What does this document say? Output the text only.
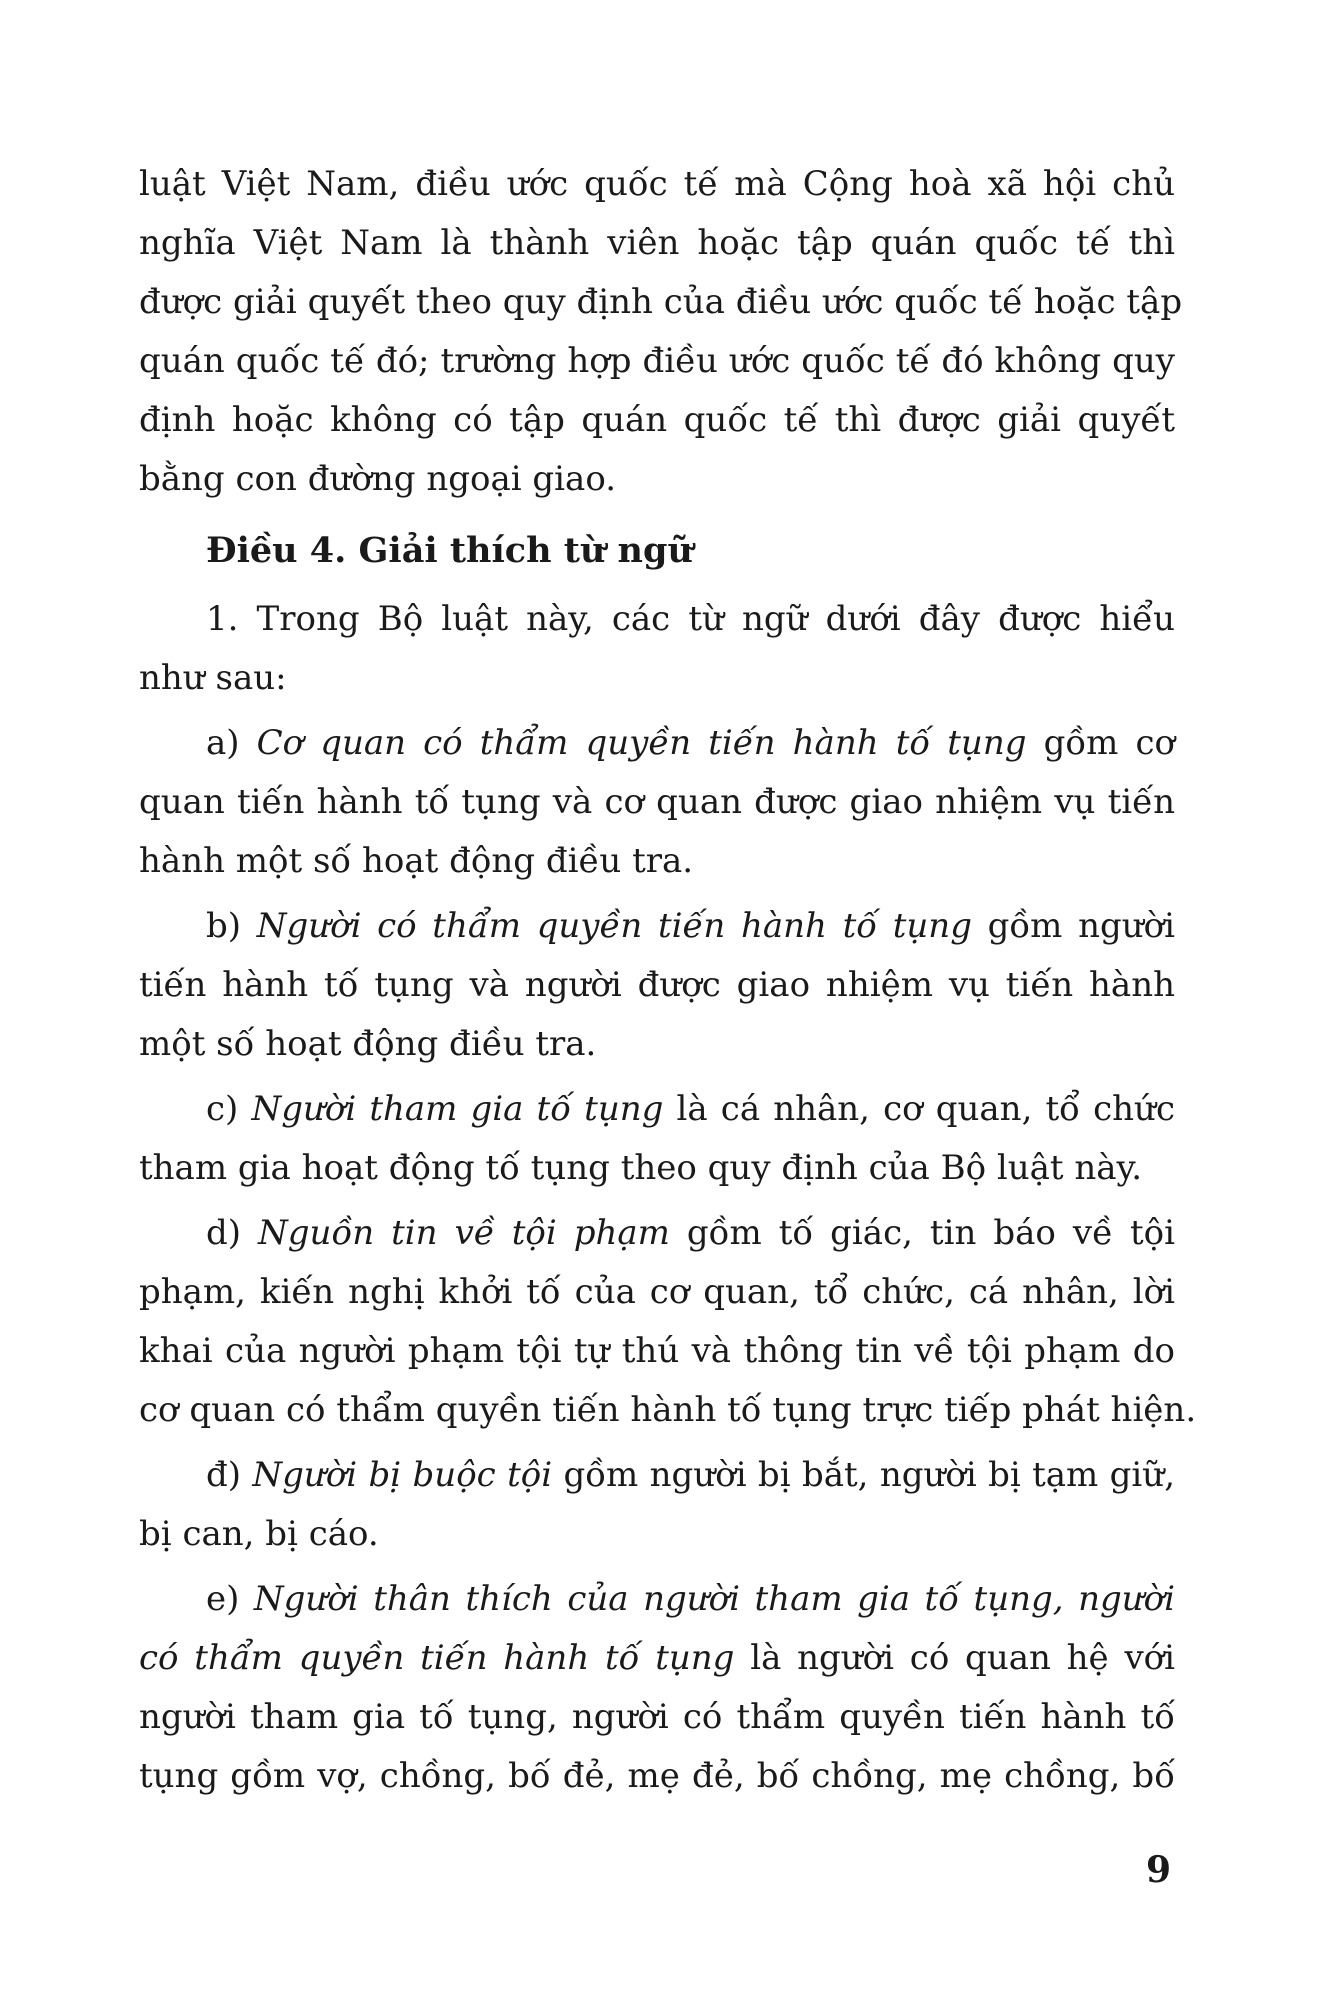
luật Việt Nam, điều ước quốc tế mà Cộng hoà xã hội chủ
nghĩa Việt Nam là thành viên hoặc tập quán quốc tế thì
được giải quyết theo quy định của điều ước quốc tế hoặc tập
quán quốc tế đó; trường hợp điều ước quốc tế đó không quy
định hoặc không có tập quán quốc tế thì được giải quyết
bằng con đường ngoại giao.
Điều 4. Giải thích từ ngữ
1. Trong Bộ luật này, các từ ngữ dưới đây được hiểu
như sau:
a) Cơ quan có thẩm quyền tiến hành tố tụng gồm cơ
quan tiến hành tố tụng và cơ quan được giao nhiệm vụ tiến
hành một số hoạt động điều tra.
b) Người có thẩm quyền tiến hành tố tụng gồm người
tiến hành tố tụng và người được giao nhiệm vụ tiến hành
một số hoạt động điều tra.
c) Người tham gia tố tụng là cá nhân, cơ quan, tổ chức
tham gia hoạt động tố tụng theo quy định của Bộ luật này.
d) Nguồn tin về tội phạm gồm tố giác, tin báo về tội
phạm, kiến nghị khởi tố của cơ quan, tổ chức, cá nhân, lời
khai của người phạm tội tự thú và thông tin về tội phạm do
cơ quan có thẩm quyền tiến hành tố tụng trực tiếp phát hiện.
đ) Người bị buộc tội gồm người bị bắt, người bị tạm giữ,
bị can, bị cáo.
e) Người thân thích của người tham gia tố tụng, người
có thẩm quyền tiến hành tố tụng là người có quan hệ với
người tham gia tố tụng, người có thẩm quyền tiến hành tố
tụng gồm vợ, chồng, bố đẻ, mẹ đẻ, bố chồng, mẹ chồng, bố
9
